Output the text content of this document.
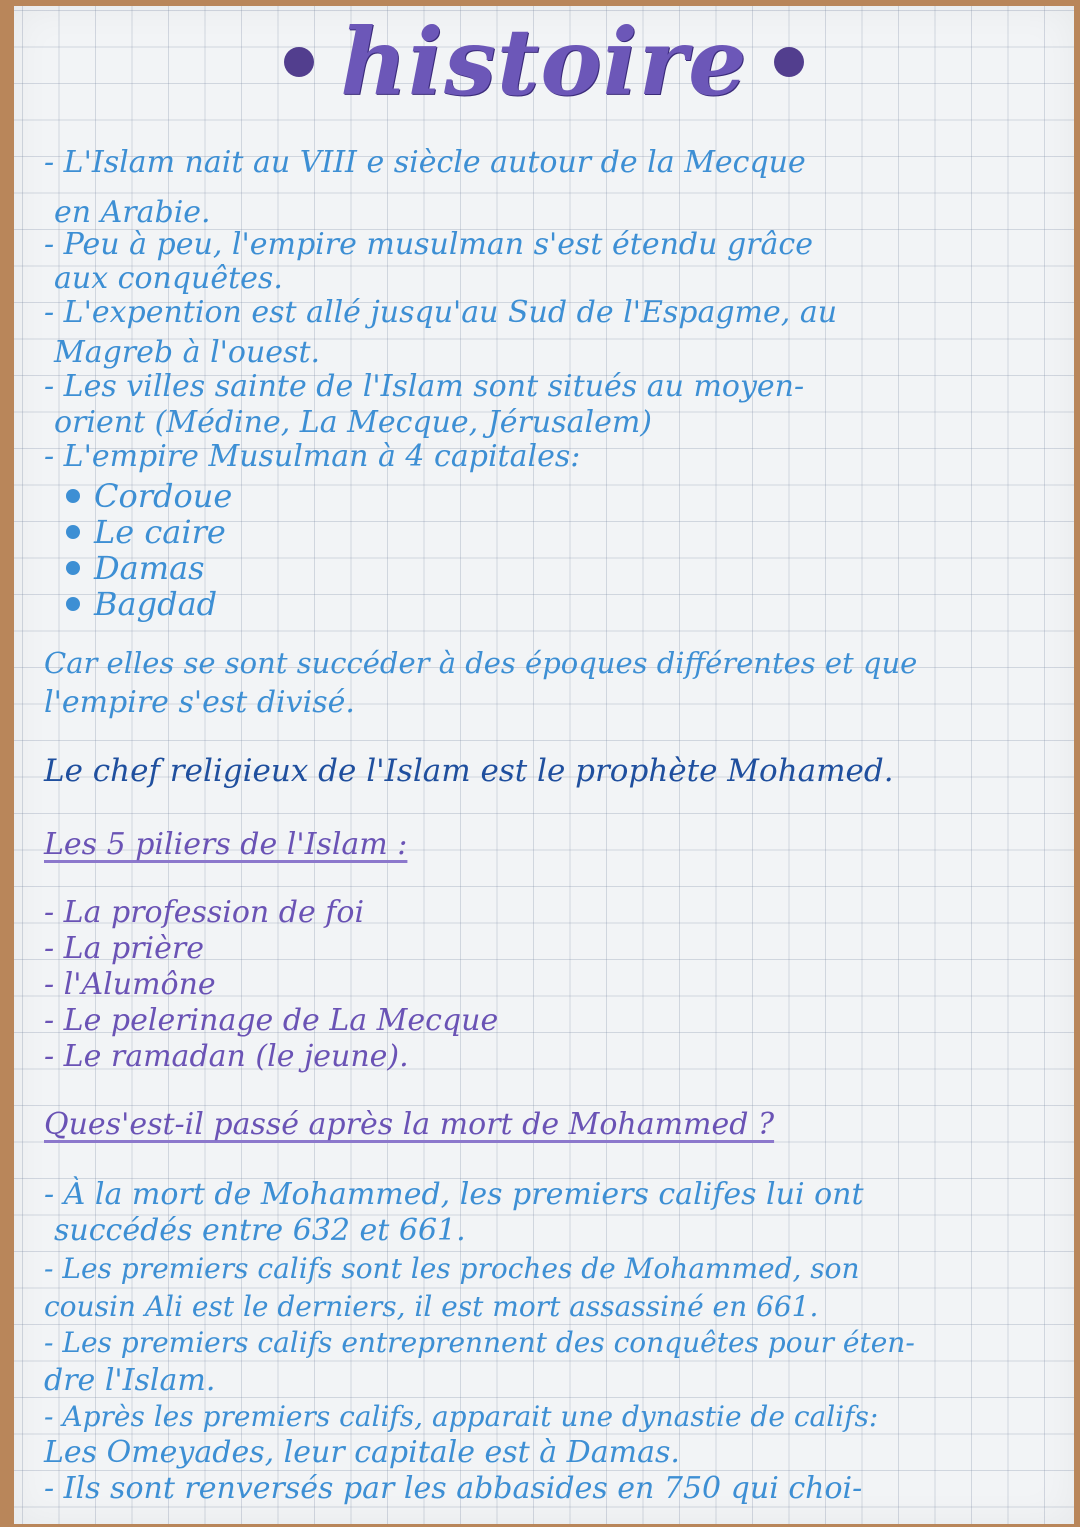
histoire
- L'Islam nait au VIII e siècle autour de la Mecque
en Arabie.
- Peu à peu, l'empire musulman s'est étendu grâce
aux conquêtes.
- L'expention est allé jusqu'au Sud de l'Espagme, au
Magreb à l'ouest.
- Les villes sainte de l'Islam sont situés au moyen-
orient (Médine, La Mecque, Jérusalem)
- L'empire Musulman à 4 capitales:
Cordoue
Le caire
Damas
Bagdad
Car elles se sont succéder à des époques différentes et que
l'empire s'est divisé.
Le chef religieux de l'Islam est le prophète Mohamed.
Les 5 piliers de l'Islam :
- La profession de foi
- La prière
- l'Alumône
- Le pelerinage de La Mecque
- Le ramadan (le jeune).
Ques'est-il passé après la mort de Mohammed ?
- À la mort de Mohammed, les premiers califes lui ont
succédés entre 632 et 661.
- Les premiers califs sont les proches de Mohammed, son
cousin Ali est le derniers, il est mort assassiné en 661.
- Les premiers califs entreprennent des conquêtes pour éten-
dre l'Islam.
- Après les premiers califs, apparait une dynastie de califs:
Les Omeyades, leur capitale est à Damas.
- Ils sont renversés par les abbasides en 750 qui choi-
